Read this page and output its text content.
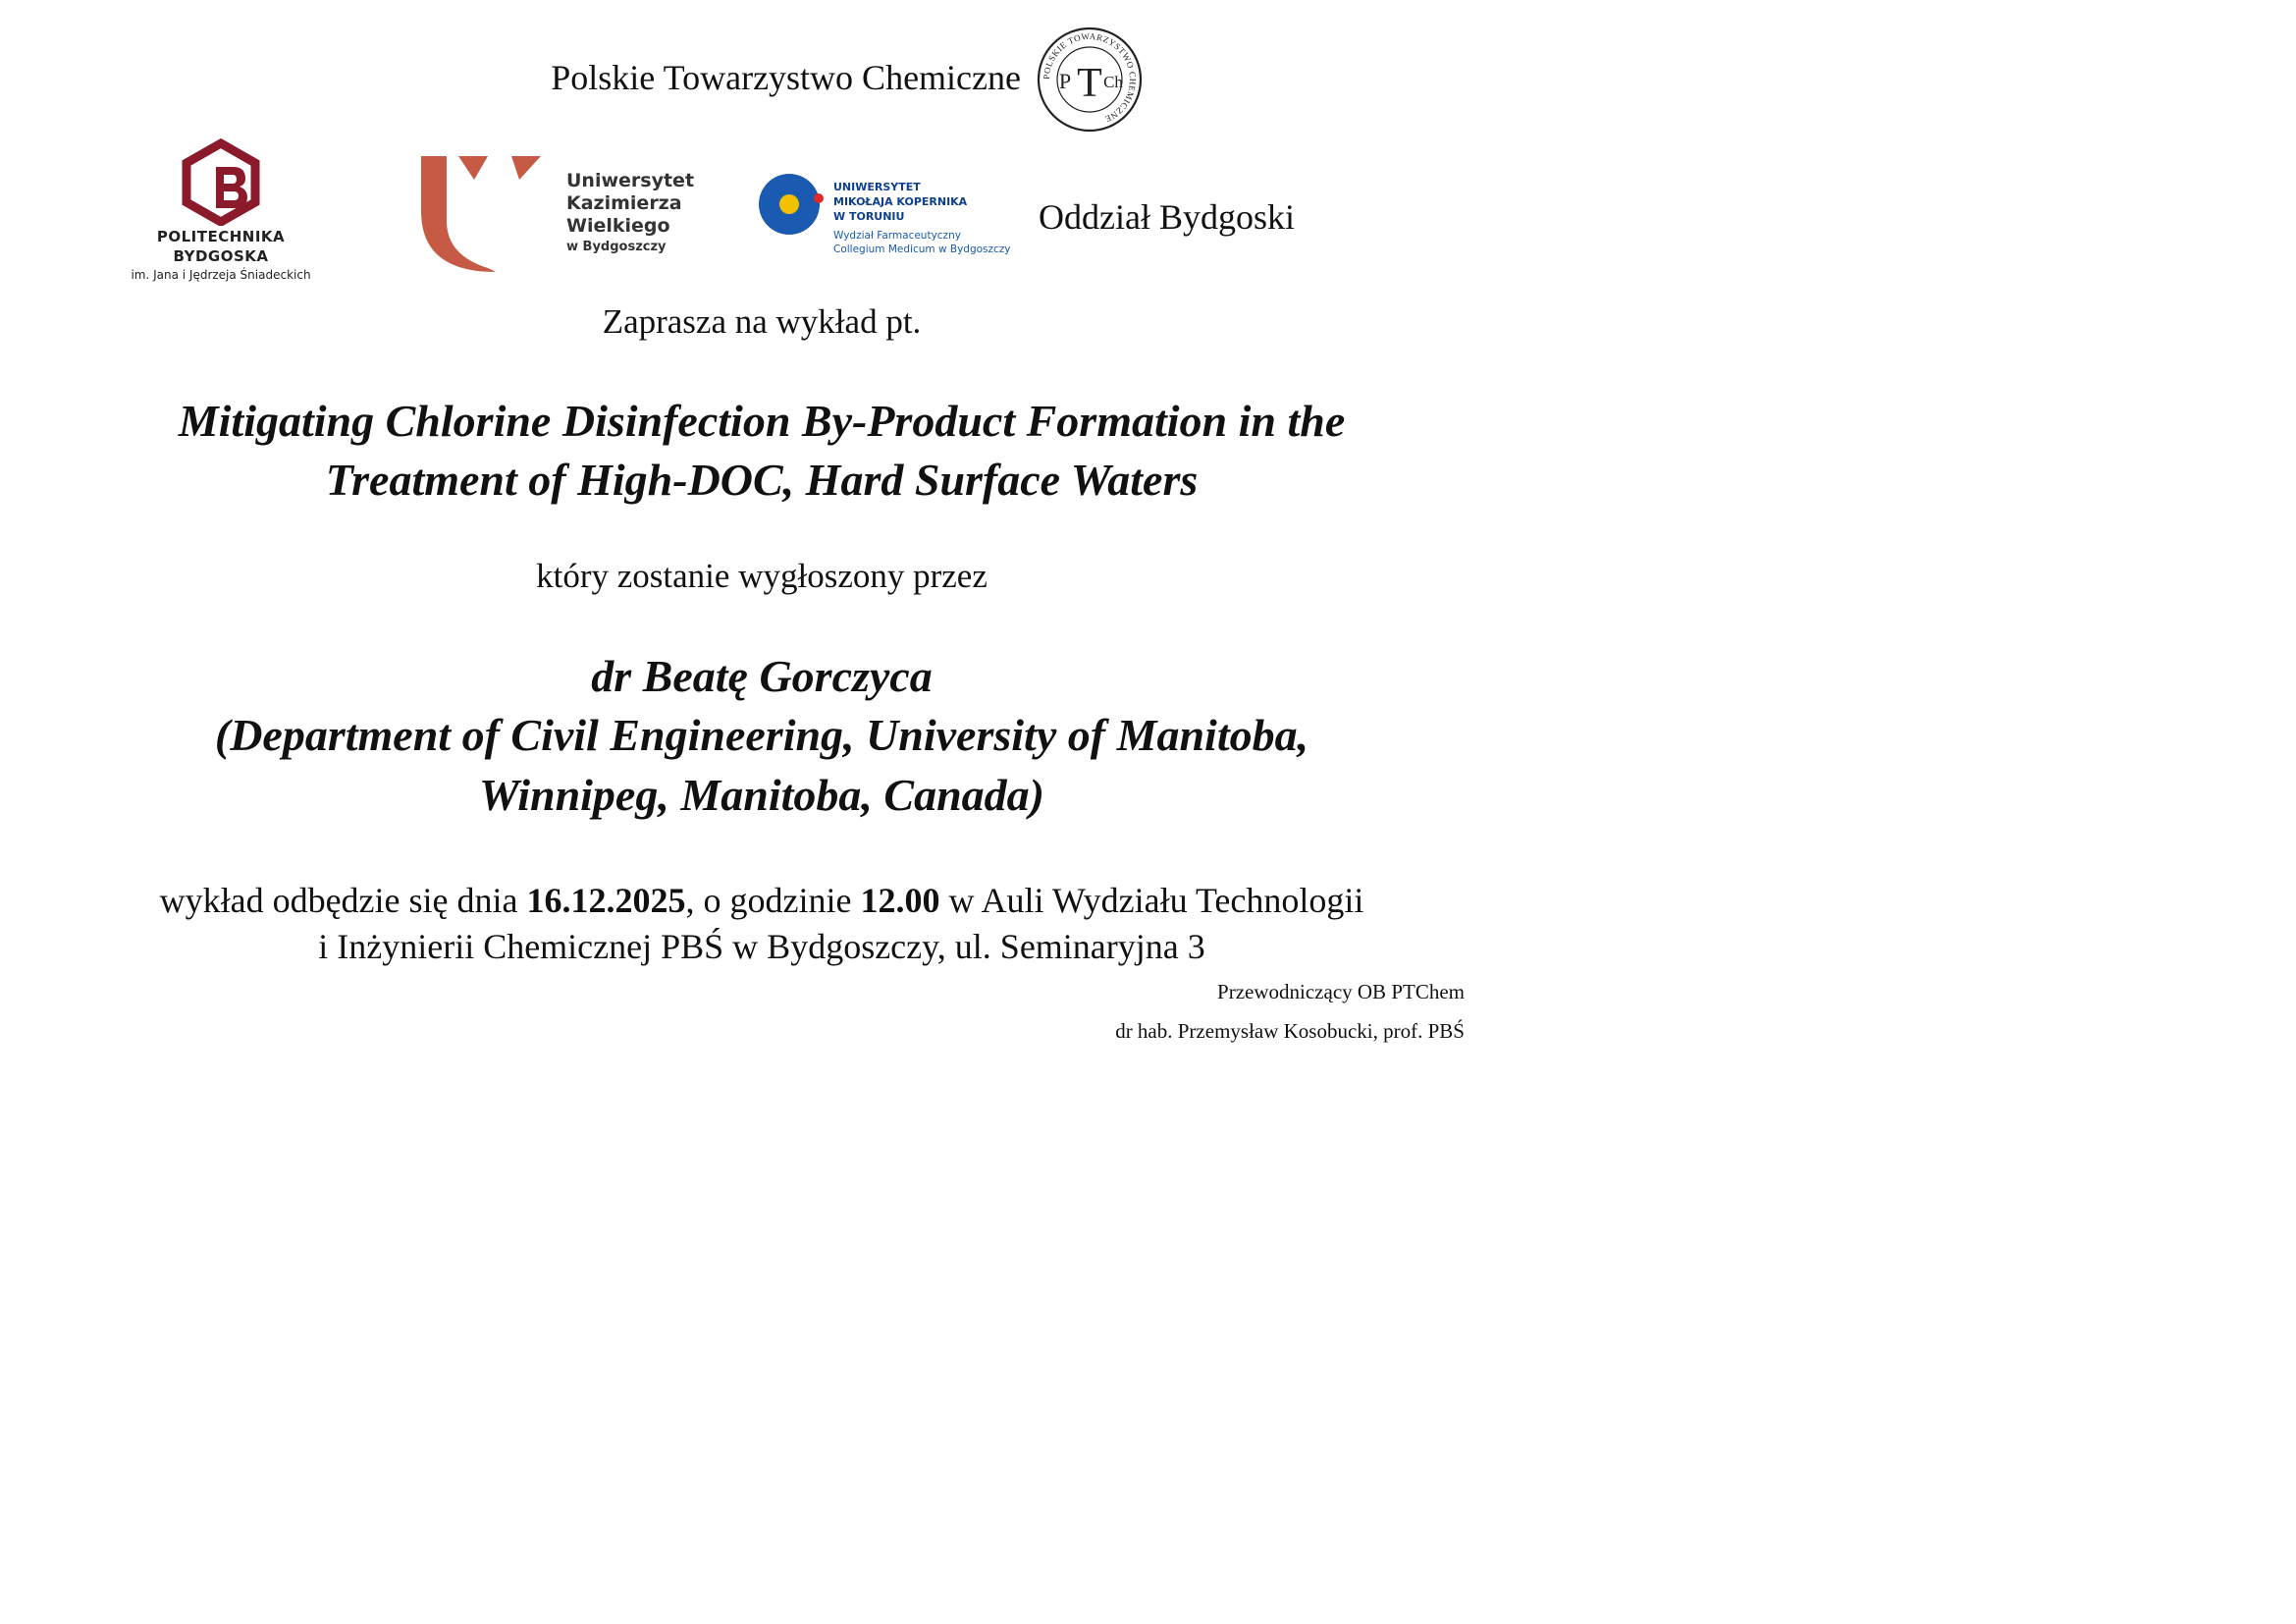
Polskie Towarzystwo Chemiczne POLSKIE TOWARZYSTWO CHEMICZNE
P T Ch
POLITECHNIKA
BYDGOSKA
im. Jana i Jędrzeja Śniadeckich
Uniwersytet
Kazimierza
Wielkiego
w Bydgoszczy
UNIWERSYTET
MIKOŁAJA KOPERNIKA
W TORUNIU
Wydział Farmaceutyczny
Collegium Medicum w Bydgoszczy
Oddział Bydgoski
Zaprasza na wykład pt.
Mitigating Chlorine Disinfection By-Product Formation in the
Treatment of High-DOC, Hard Surface Waters
który zostanie wygłoszony przez
dr Beatę Gorczyca
(Department of Civil Engineering, University of Manitoba,
Winnipeg, Manitoba, Canada)
wykład odbędzie się dnia 16.12.2025, o godzinie 12.00 w Auli Wydziału Technologii
i Inżynierii Chemicznej PBŚ w Bydgoszczy, ul. Seminaryjna 3
Przewodniczący OB PTChem
dr hab. Przemysław Kosobucki, prof. PBŚ
